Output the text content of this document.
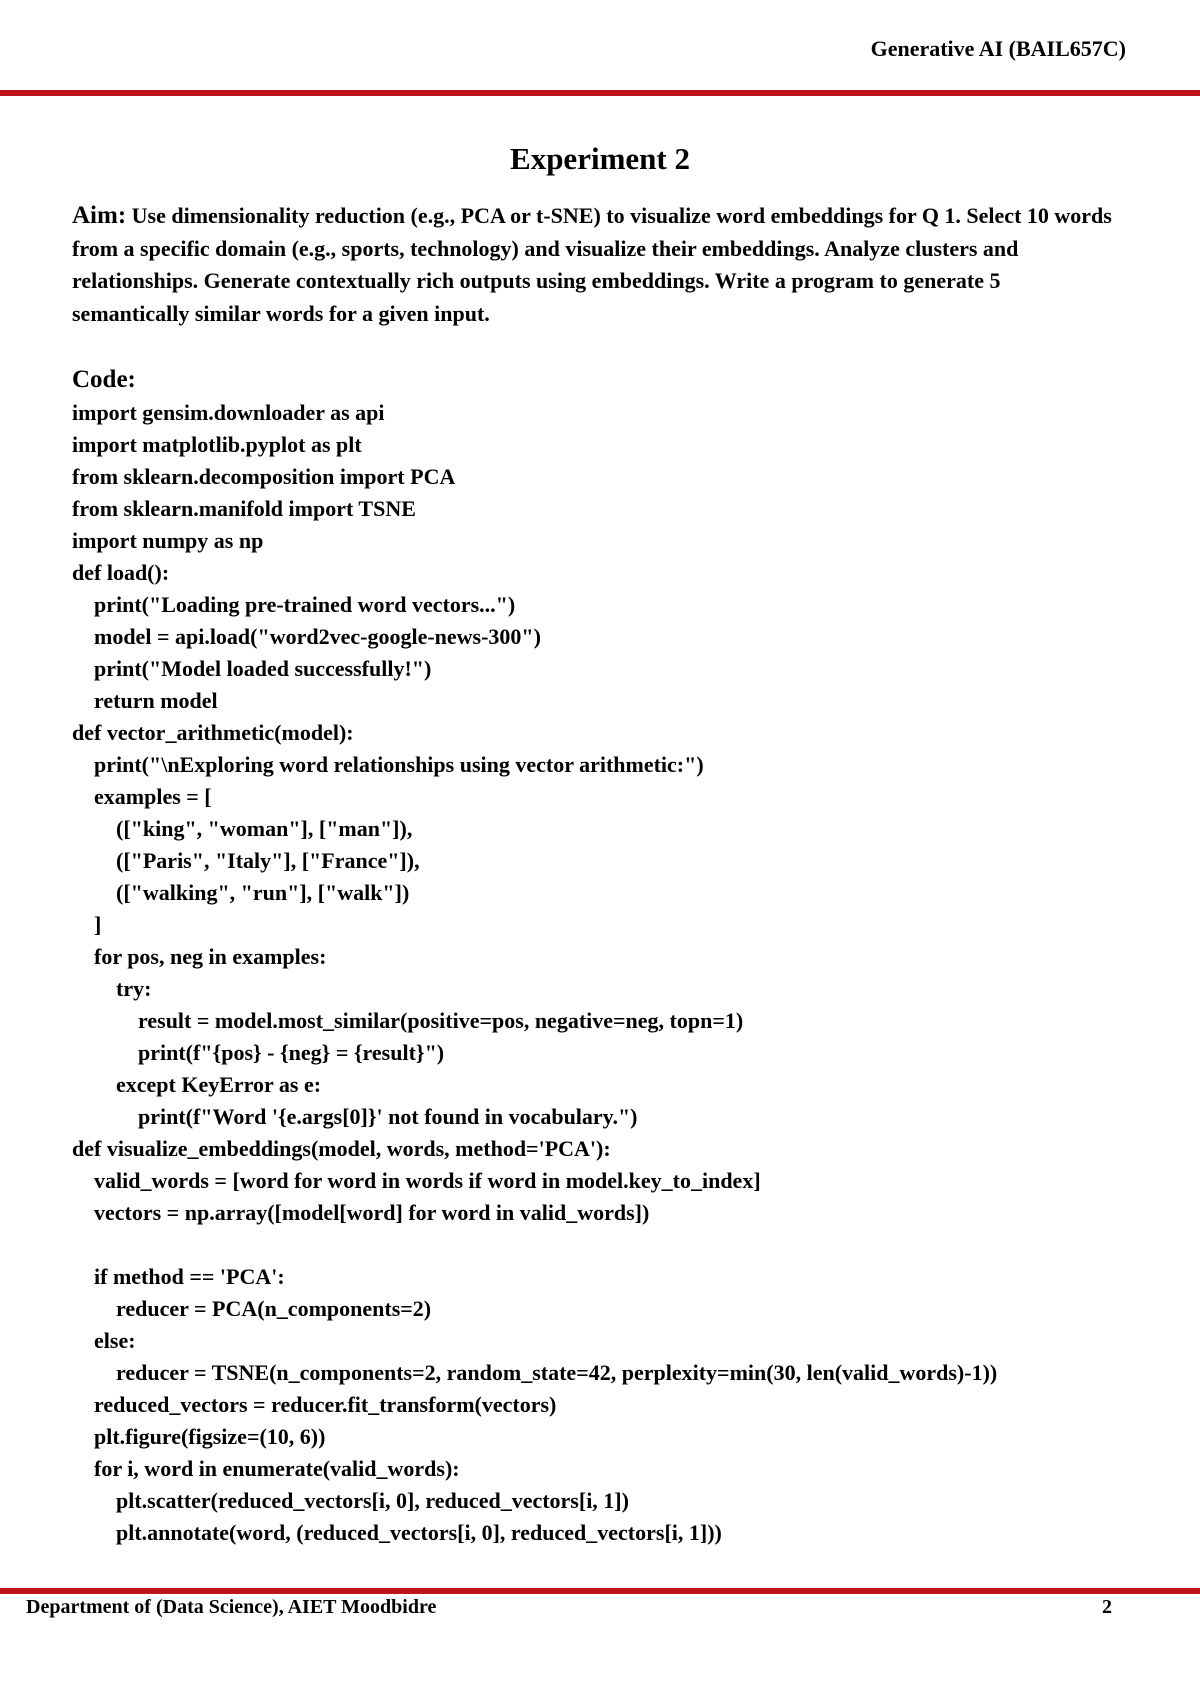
Generative AI (BAIL657C)
Experiment 2
Aim: Use dimensionality reduction (e.g., PCA or t-SNE) to visualize word embeddings for Q 1. Select 10 words from a specific domain (e.g., sports, technology) and visualize their embeddings. Analyze clusters and relationships. Generate contextually rich outputs using embeddings. Write a program to generate 5 semantically similar words for a given input.
Code:
import gensim.downloader as api
import matplotlib.pyplot as plt
from sklearn.decomposition import PCA
from sklearn.manifold import TSNE
import numpy as np
def load():
print("Loading pre-trained word vectors...")
model = api.load("word2vec-google-news-300")
print("Model loaded successfully!")
return model
def vector_arithmetic(model):
print("\nExploring word relationships using vector arithmetic:")
examples = [
(["king", "woman"], ["man"]),
(["Paris", "Italy"], ["France"]),
(["walking", "run"], ["walk"])
]
for pos, neg in examples:
try:
result = model.most_similar(positive=pos, negative=neg, topn=1)
print(f"{pos} - {neg} = {result}")
except KeyError as e:
print(f"Word '{e.args[0]}' not found in vocabulary.")
def visualize_embeddings(model, words, method='PCA'):
valid_words = [word for word in words if word in model.key_to_index]
vectors = np.array([model[word] for word in valid_words])
if method == 'PCA':
reducer = PCA(n_components=2)
else:
reducer = TSNE(n_components=2, random_state=42, perplexity=min(30, len(valid_words)-1))
reduced_vectors = reducer.fit_transform(vectors)
plt.figure(figsize=(10, 6))
for i, word in enumerate(valid_words):
plt.scatter(reduced_vectors[i, 0], reduced_vectors[i, 1])
plt.annotate(word, (reduced_vectors[i, 0], reduced_vectors[i, 1]))
Department of (Data Science), AIET Moodbidre	2
